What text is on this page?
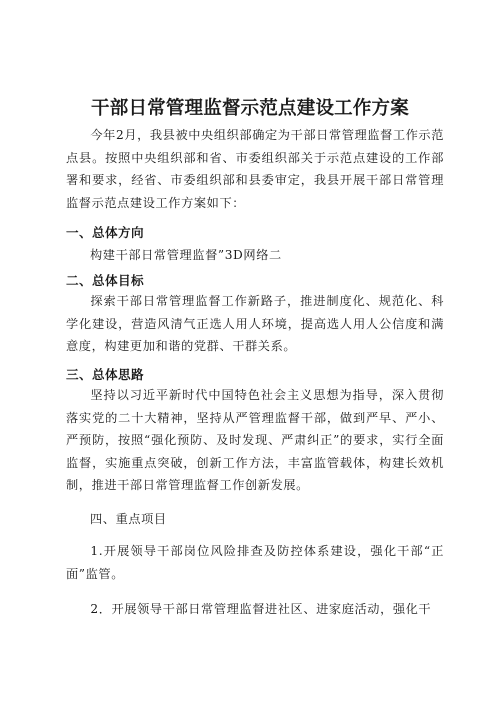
干部日常管理监督示范点建设工作方案
今年2月，我县被中央组织部确定为干部日常管理监督工作示范点县。按照中央组织部和省、市委组织部关于示范点建设的工作部署和要求，经省、市委组织部和县委审定，我县开展干部日常管理监督示范点建设工作方案如下：
一、总体方向
构建干部日常管理监督”3D网络二
二、总体目标
探索干部日常管理监督工作新路子，推进制度化、规范化、科学化建设，营造风清气正选人用人环境，提高选人用人公信度和满意度，构建更加和谐的党群、干群关系。
三、总体思路
坚持以习近平新时代中国特色社会主义思想为指导，深入贯彻落实党的二十大精神，坚持从严管理监督干部，做到严早、严小、严预防，按照“强化预防、及时发现、严肃纠正”的要求，实行全面监督，实施重点突破，创新工作方法，丰富监管载体，构建长效机制，推进干部日常管理监督工作创新发展。
四、重点项目
1.开展领导干部岗位风险排查及防控体系建设，强化干部“正面”监管。
2．开展领导干部日常管理监督进社区、进家庭活动，强化干
